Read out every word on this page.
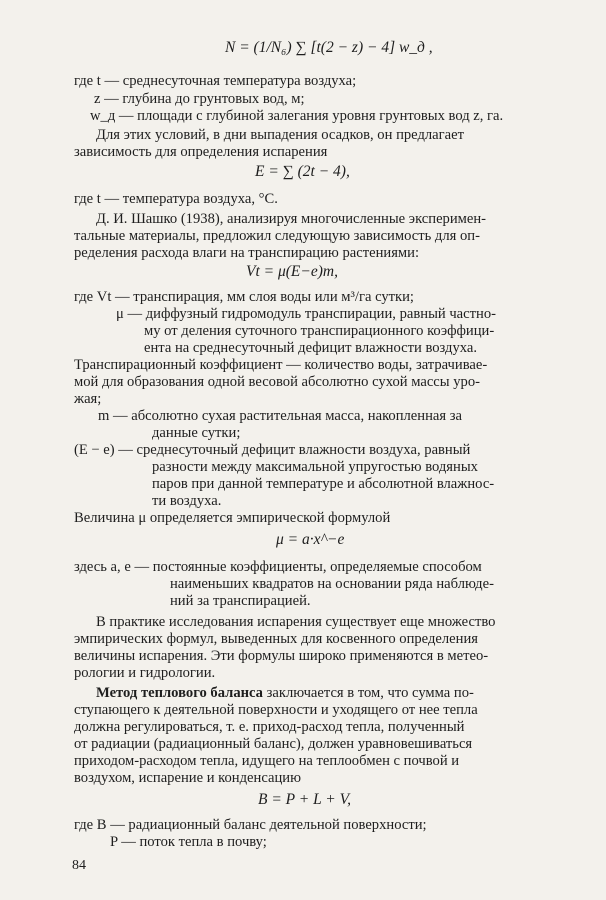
N = (1/N₆) ∑ [t(2 − z) − 4] w_д ,
где t — среднесуточная температура воздуха;
z — глубина до грунтовых вод, м;
w_д — площади с глубиной залегания уровня грунтовых вод z, га.
Для этих условий, в дни выпадения осадков, он предлагает
зависимость для определения испарения
E = ∑ (2t − 4),
где t — температура воздуха, °С.
Д. И. Шашко (1938), анализируя многочисленные эксперимен-
тальные материалы, предложил следующую зависимость для оп-
ределения расхода влаги на транспирацию растениями:
Vt = μ(E−e)m,
где Vt — транспирация, мм слоя воды или м³/га сутки;
μ — диффузный гидромодуль транспирации, равный частно-
му от деления суточного транспирационного коэффици-
ента на среднесуточный дефицит влажности воздуха.
Транспирационный коэффициент — количество воды, затрачивае-
мой для образования одной весовой абсолютно сухой массы уро-
жая;
m — абсолютно сухая растительная масса, накопленная за
данные сутки;
(E − e) — среднесуточный дефицит влажности воздуха, равный
разности между максимальной упругостью водяных
паров при данной температуре и абсолютной влажнос-
ти воздуха.
Величина μ определяется эмпирической формулой
μ = a·x^−e
здесь a, e — постоянные коэффициенты, определяемые способом
наименьших квадратов на основании ряда наблюде-
ний за транспирацией.
В практике исследования испарения существует еще множество
эмпирических формул, выведенных для косвенного определения
величины испарения. Эти формулы широко применяются в метео-
рологии и гидрологии.
Метод теплового баланса заключается в том, что сумма по-
ступающего к деятельной поверхности и уходящего от нее тепла
должна регулироваться, т. е. приход-расход тепла, полученный
от радиации (радиационный баланс), должен уравновешиваться
приходом-расходом тепла, идущего на теплообмен с почвой и
воздухом, испарение и конденсацию
B = P + L + V,
где B — радиационный баланс деятельной поверхности;
P — поток тепла в почву;
84
